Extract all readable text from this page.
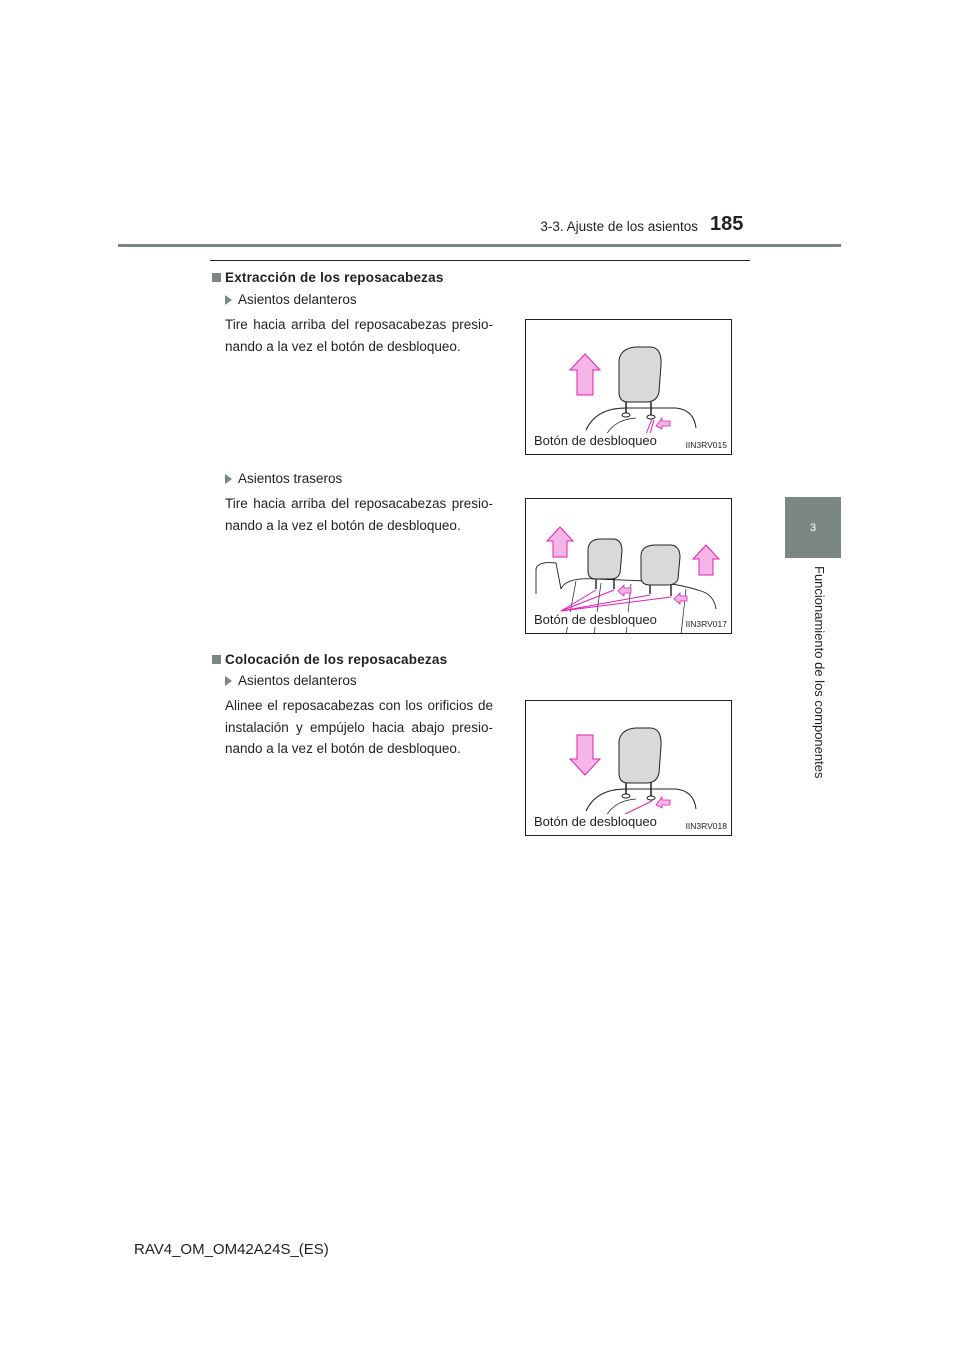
3-3. Ajuste de los asientos 185
3
Funcionamiento de los componentes
Extracción de los reposacabezas
Asientos delanteros
Tire hacia arriba del reposacabezas presio-nando a la vez el botón de desbloqueo.
Botón de desbloqueo	IIN3RV015
Asientos traseros
Tire hacia arriba del reposacabezas presio-nando a la vez el botón de desbloqueo.
Botón de desbloqueo	IIN3RV017
Colocación de los reposacabezas
Asientos delanteros
Alinee el reposacabezas con los orificios de instalación y empújelo hacia abajo presio-nando a la vez el botón de desbloqueo.
Botón de desbloqueo	IIN3RV018
RAV4_OM_OM42A24S_(ES)
